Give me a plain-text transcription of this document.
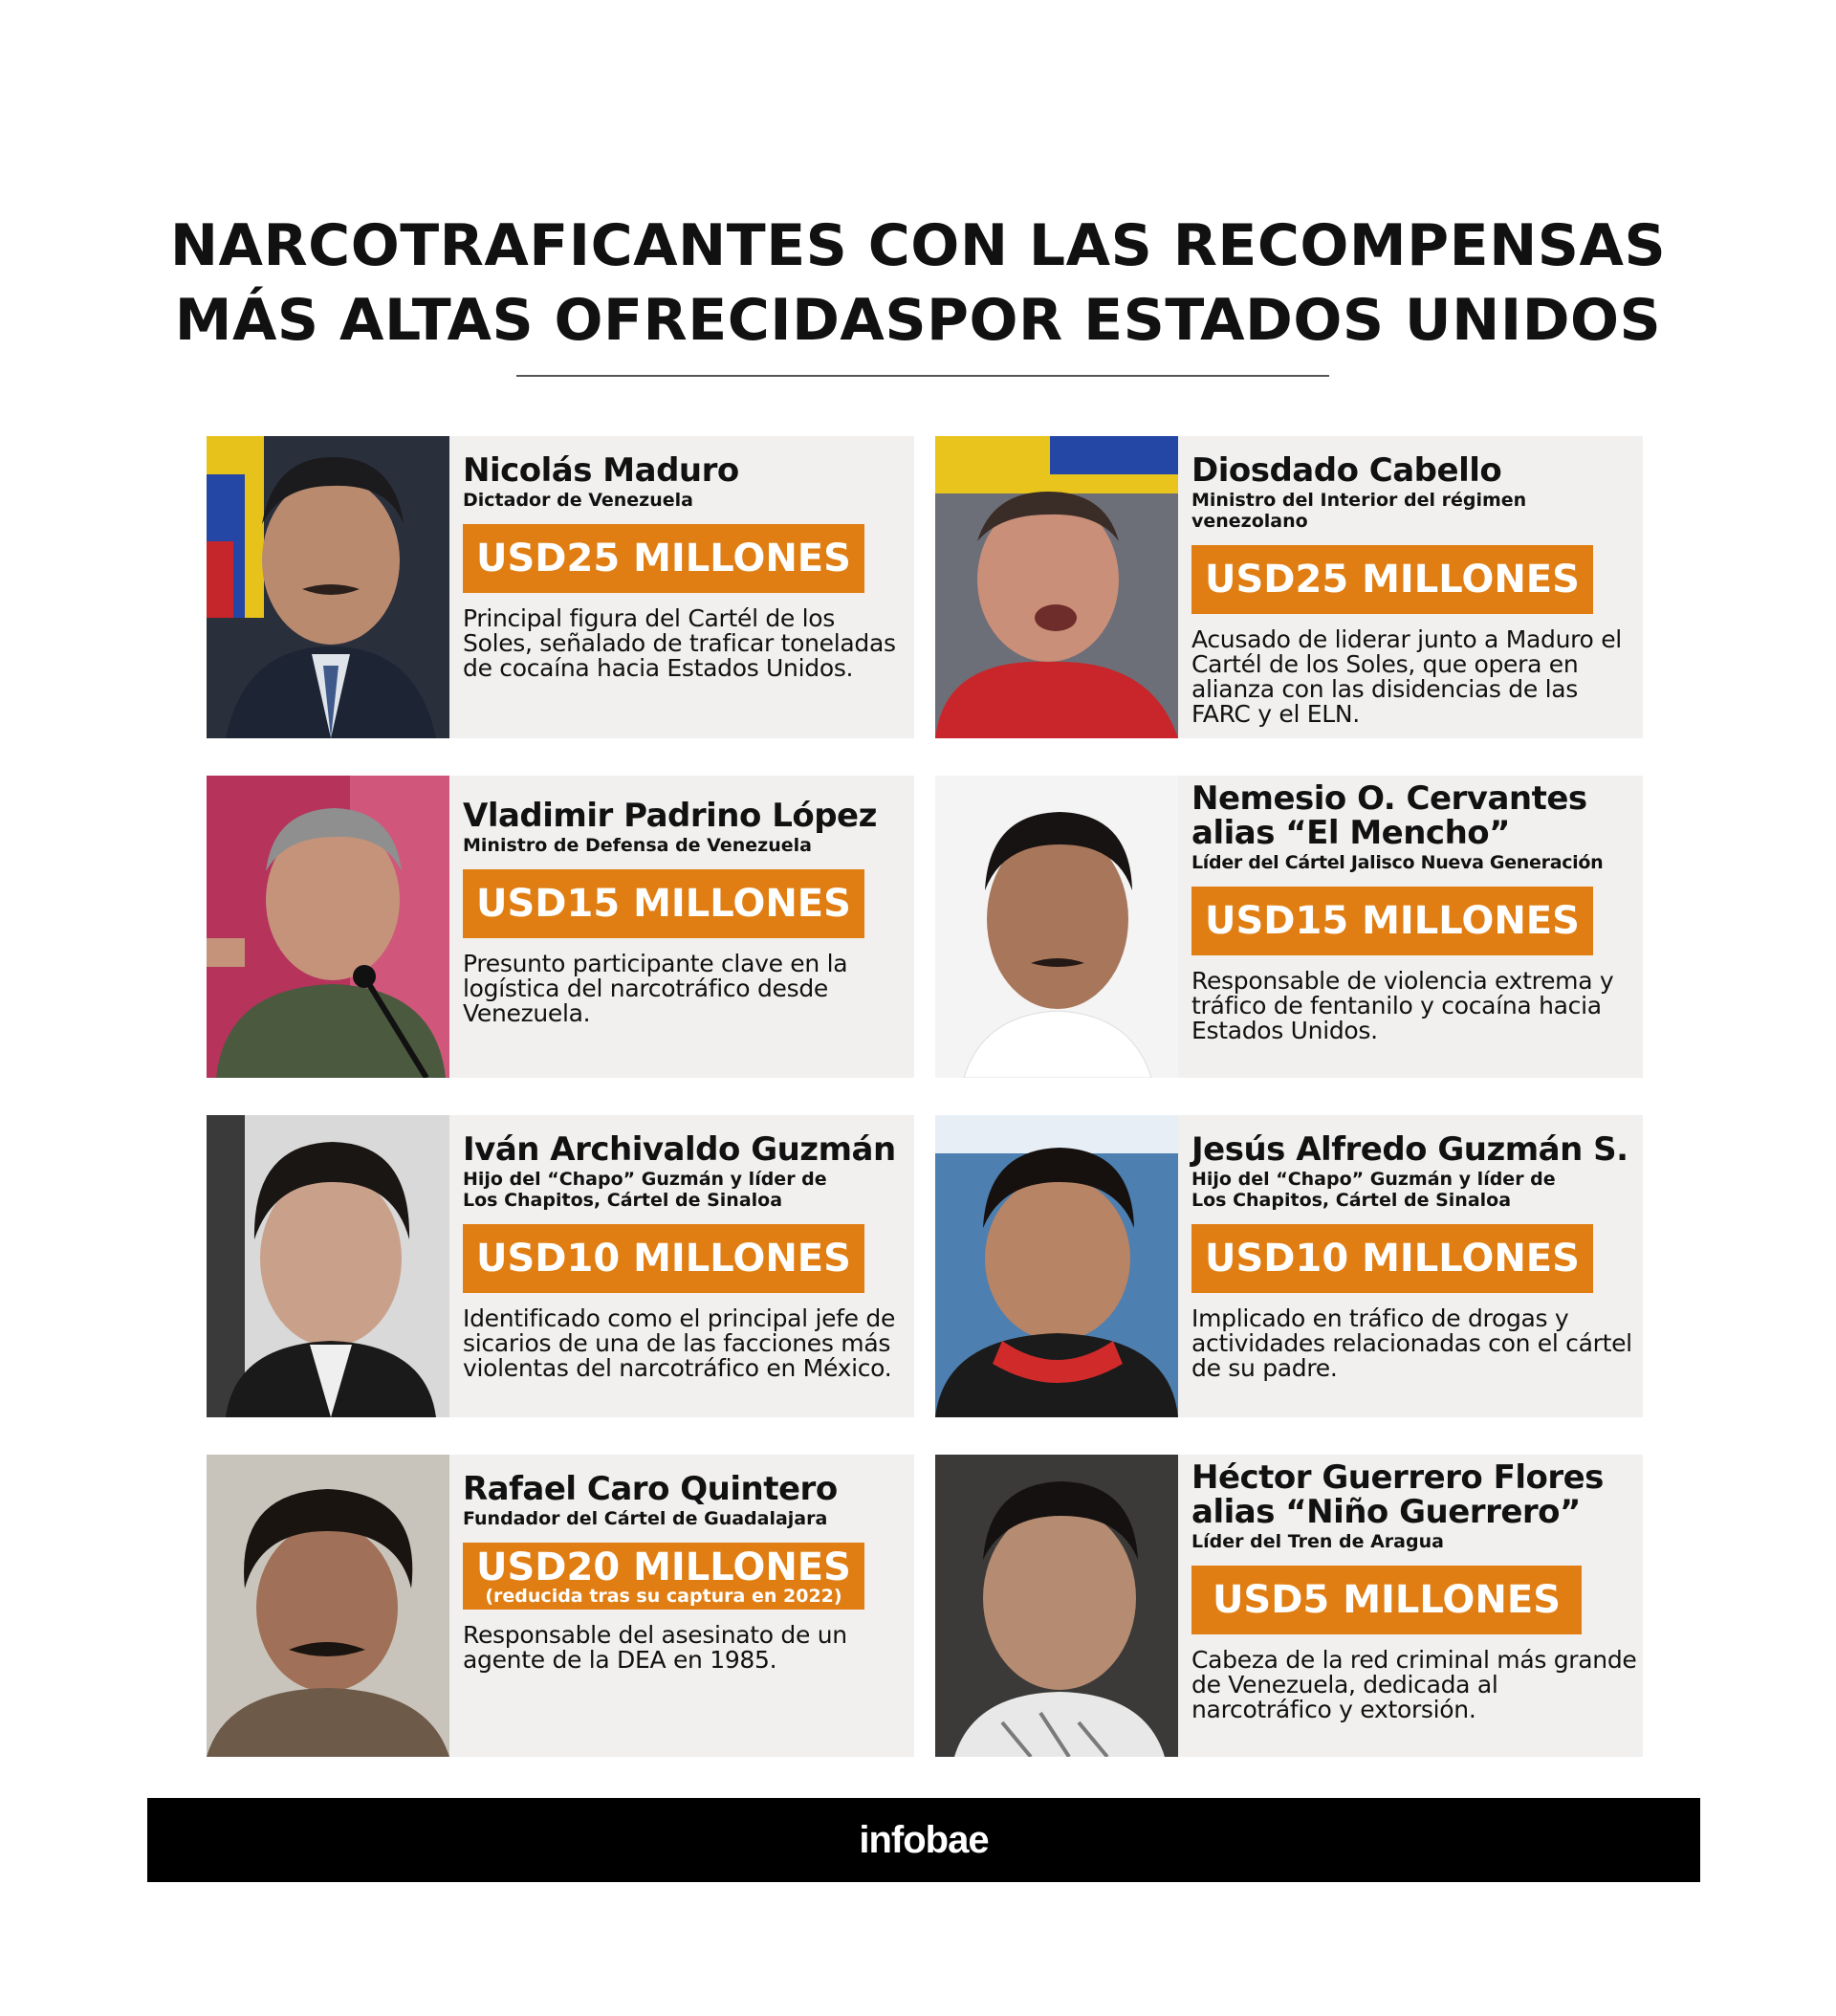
NARCOTRAFICANTES CON LAS RECOMPENSAS
MÁS ALTAS OFRECIDASPOR ESTADOS UNIDOS
Nicolás Maduro
Dictador de Venezuela
USD25 MILLONES
Principal figura del Cartél de los Soles, señalado de traficar toneladas de cocaína hacia Estados Unidos.
Diosdado Cabello
Ministro del Interior del régimen venezolano
USD25 MILLONES
Acusado de liderar junto a Maduro el Cartél de los Soles, que opera en alianza con las disidencias de las FARC y el ELN.
Vladimir Padrino López
Ministro de Defensa de Venezuela
USD15 MILLONES
Presunto participante clave en la logística del narcotráfico desde Venezuela.
Nemesio O. Cervantes
alias “El Mencho”
Líder del Cártel Jalisco Nueva Generación
USD15 MILLONES
Responsable de violencia extrema y tráfico de fentanilo y cocaína hacia Estados Unidos.
Iván Archivaldo Guzmán
Hijo del “Chapo” Guzmán y líder de Los Chapitos, Cártel de Sinaloa
USD10 MILLONES
Identificado como el principal jefe de sicarios de una de las facciones más violentas del narcotráfico en México.
Jesús Alfredo Guzmán S.
Hijo del “Chapo” Guzmán y líder de Los Chapitos, Cártel de Sinaloa
USD10 MILLONES
Implicado en tráfico de drogas y actividades relacionadas con el cártel de su padre.
Rafael Caro Quintero
Fundador del Cártel de Guadalajara
USD20 MILLONES
(reducida tras su captura en 2022)
Responsable del asesinato de un agente de la DEA en 1985.
Héctor Guerrero Flores
alias “Niño Guerrero”
Líder del Tren de Aragua
USD5 MILLONES
Cabeza de la red criminal más grande de Venezuela, dedicada al narcotráfico y extorsión.
infobae
